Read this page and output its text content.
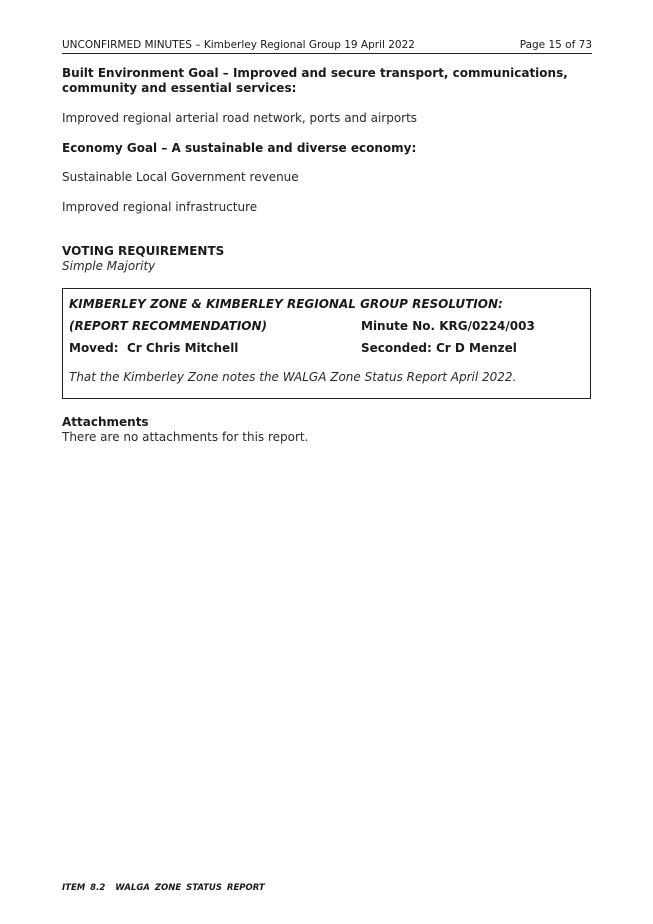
UNCONFIRMED MINUTES – Kimberley Regional Group 19 April 2022	Page 15 of 73
Built Environment Goal – Improved and secure transport, communications, community and essential services:
Improved regional arterial road network, ports and airports
Economy Goal – A sustainable and diverse economy:
Sustainable Local Government revenue
Improved regional infrastructure
VOTING REQUIREMENTS
Simple Majority
KIMBERLEY ZONE & KIMBERLEY REGIONAL GROUP RESOLUTION:
(REPORT RECOMMENDATION)	Minute No. KRG/0224/003
Moved: Cr Chris Mitchell	Seconded: Cr D Menzel
That the Kimberley Zone notes the WALGA Zone Status Report April 2022.
Attachments
There are no attachments for this report.
ITEM 8.2 WALGA ZONE STATUS REPORT
